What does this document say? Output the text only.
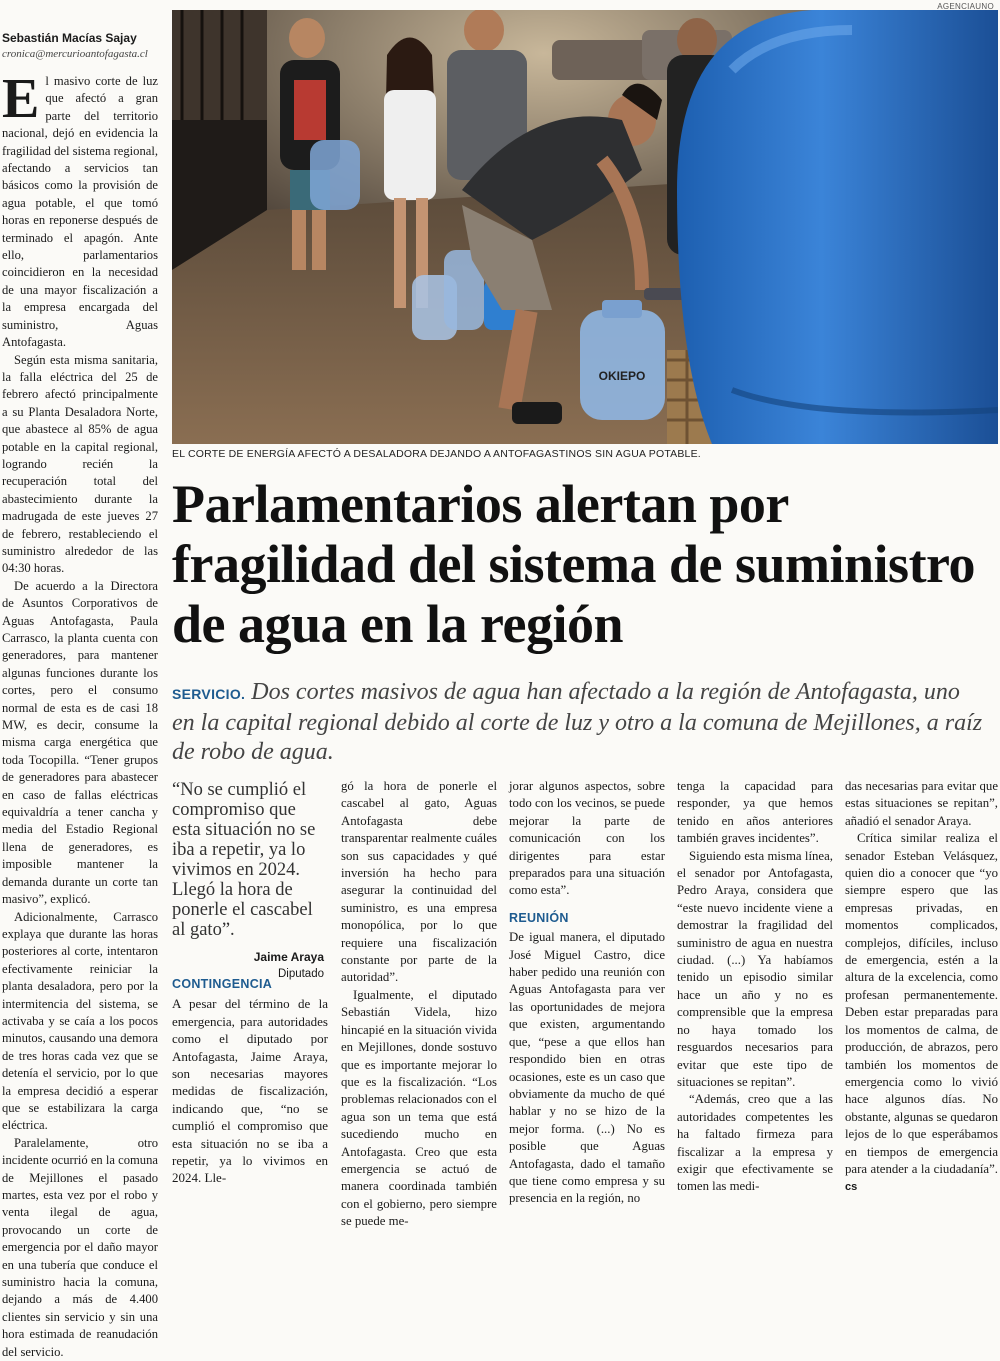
Sebastián Macías Sajay
cronica@mercurioantofagasta.cl

El masivo corte de luz que afectó a gran parte del territorio nacional, dejó en evidencia la fragilidad del sistema regional, afectando a servicios tan básicos como la provisión de agua potable, el que tomó horas en reponerse después de terminado el apagón. Ante ello, parlamentarios coincidieron en la necesidad de una mayor fiscalización a la empresa encargada del suministro, Aguas Antofagasta.

Según esta misma sanitaria, la falla eléctrica del 25 de febrero afectó principalmente a su Planta Desaladora Norte, que abastece al 85% de agua potable en la capital regional, logrando recién la recuperación total del abastecimiento durante la madrugada de este jueves 27 de febrero, restableciendo el suministro alrededor de las 04:30 horas.

De acuerdo a la Directora de Asuntos Corporativos de Aguas Antofagasta, Paula Carrasco, la planta cuenta con generadores, para mantener algunas funciones durante los cortes, pero el consumo normal de esta es de casi 18 MW, es decir, consume la misma carga energética que toda Tocopilla. “Tener grupos de generadores para abastecer en caso de fallas eléctricas equivaldría a tener cancha y media del Estadio Regional llena de generadores, es imposible mantener la demanda durante un corte tan masivo”, explicó.

Adicionalmente, Carrasco explaya que durante las horas posteriores al corte, intentaron efectivamente reiniciar la planta desaladora, pero por la intermitencia del sistema, se activaba y se caía a los pocos minutos, causando una demora de tres horas cada vez que se detenía el servicio, por lo que la empresa decidió a esperar que se estabilizara la carga eléctrica.

Paralelamente, otro incidente ocurrió en la comuna de Mejillones el pasado martes, esta vez por el robo y venta ilegal de agua, provocando un corte de emergencia por el daño mayor en una tubería que conduce el suministro hacia la comuna, dejando a más de 4.400 clientes sin servicio y sin una hora estimada de reanudación del servicio.

OKIEPO
AGENCIAUNO
EL CORTE DE ENERGÍA AFECTÓ A DESALADORA DEJANDO A ANTOFAGASTINOS SIN AGUA POTABLE.
Parlamentarios alertan por fragilidad del sistema de suministro de agua en la región
SERVICIO. Dos cortes masivos de agua han afectado a la región de Antofagasta, uno en la capital regional debido al corte de luz y otro a la comuna de Mejillones, a raíz de robo de agua.
“No se cumplió el compromiso que esta situación no se iba a repetir, ya lo vivimos en 2024. Llegó la hora de ponerle el cascabel al gato”.
Jaime Araya
Diputado
CONTINGENCIA

A pesar del término de la emergencia, para autoridades como el diputado por Antofagasta, Jaime Araya, son necesarias mayores medidas de fiscalización, indicando que, “no se cumplió el compromiso que esta situación no se iba a repetir, ya lo vivimos en 2024. Lle-

gó la hora de ponerle el cascabel al gato, Aguas Antofagasta debe transparentar realmente cuáles son sus capacidades y qué inversión ha hecho para asegurar la continuidad del suministro, es una empresa monopólica, por lo que requiere una fiscalización constante por parte de la autoridad”.

Igualmente, el diputado Sebastián Videla, hizo hincapié en la situación vivida en Mejillones, donde sostuvo que es importante mejorar lo que es la fiscalización. “Los problemas relacionados con el agua son un tema que está sucediendo mucho en Antofagasta. Creo que esta emergencia se actuó de manera coordinada también con el gobierno, pero siempre se puede me-

jorar algunos aspectos, sobre todo con los vecinos, se puede mejorar la parte de comunicación con los dirigentes para estar preparados para una situación como esta”.

REUNIÓN

De igual manera, el diputado José Miguel Castro, dice haber pedido una reunión con Aguas Antofagasta para ver las oportunidades de mejora que existen, argumentando que, “pese a que ellos han respondido bien en otras ocasiones, este es un caso que obviamente da mucho de qué hablar y no se hizo de la mejor forma. (...) No es posible que Aguas Antofagasta, dado el tamaño que tiene como empresa y su presencia en la región, no

tenga la capacidad para responder, ya que hemos tenido en años anteriores también graves incidentes”.

Siguiendo esta misma línea, el senador por Antofagasta, Pedro Araya, considera que “este nuevo incidente viene a demostrar la fragilidad del suministro de agua en nuestra ciudad. (...) Ya habíamos tenido un episodio similar hace un año y no es comprensible que la empresa no haya tomado los resguardos necesarios para evitar que este tipo de situaciones se repitan”.

“Además, creo que a las autoridades competentes les ha faltado firmeza para fiscalizar a la empresa y exigir que efectivamente se tomen las medi-

das necesarias para evitar que estas situaciones se repitan”, añadió el senador Araya.

Crítica similar realiza el senador Esteban Velásquez, quien dio a conocer que “yo siempre espero que las empresas privadas, en momentos complicados, complejos, difíciles, incluso de emergencia, estén a la altura de la excelencia, como profesan permanentemente. Deben estar preparadas para los momentos de calma, de producción, de abrazos, pero también los momentos de emergencia como lo vivió hace algunos días. No obstante, algunas se quedaron lejos de lo que esperábamos en tiempos de emergencia para atender a la ciudadanía”. cs
